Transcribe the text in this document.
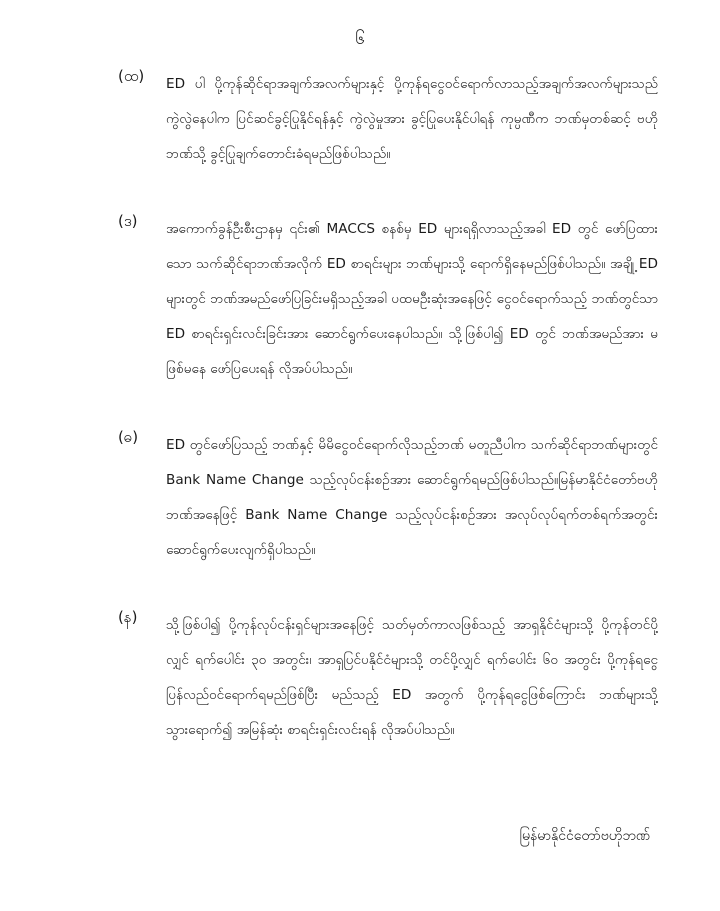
၆
(ထ) ED ပါ ပို့ကုန်ဆိုင်ရာအချက်အလက်များနှင့် ပို့ကုန်ရငွေဝင်ရောက်လာသည့်အချက်အလက်များသည် ကွဲလွဲနေပါက ပြင်ဆင်ခွင့်ပြုနိုင်ရန်နှင့် ကွဲလွဲမှုအား ခွင့်ပြုပေးနိုင်ပါရန် ကုမ္ပဏီက ဘဏ်မှတစ်ဆင့် ဗဟိုဘဏ်သို့ ခွင့်ပြုချက်တောင်းခံရမည်ဖြစ်ပါသည်။

(ဒ) အကောက်ခွန်ဦးစီးဌာနမှ ၎င်း၏ MACCS စနစ်မှ ED များရရှိလာသည့်အခါ ED တွင် ဖော်ပြထားသော သက်ဆိုင်ရာဘဏ်အလိုက် ED စာရင်းများ ဘဏ်များသို့ ရောက်ရှိနေမည်ဖြစ်ပါသည်။ အချို့ ED များတွင် ဘဏ်အမည်ဖော်ပြခြင်းမရှိသည့်အခါ ပထမဦးဆုံးအနေဖြင့် ငွေဝင်ရောက်သည့် ဘဏ်တွင်သာ ED စာရင်းရှင်းလင်းခြင်းအား ဆောင်ရွက်ပေးနေပါသည်။ သို့ဖြစ်ပါ၍ ED တွင် ဘဏ်အမည်အား မဖြစ်မနေ ဖော်ပြပေးရန် လိုအပ်ပါသည်။

(ဓ) ED တွင်ဖော်ပြသည့် ဘဏ်နှင့် မိမိငွေဝင်ရောက်လိုသည့်ဘဏ် မတူညီပါက သက်ဆိုင်ရာဘဏ်များတွင် Bank Name Change သည့်လုပ်ငန်းစဉ်အား ဆောင်ရွက်ရမည်ဖြစ်ပါသည်။မြန်မာနိုင်ငံတော်ဗဟိုဘဏ်အနေဖြင့် Bank Name Change သည့်လုပ်ငန်းစဉ်အား အလုပ်လုပ်ရက်တစ်ရက်အတွင်း ဆောင်ရွက်ပေးလျက်ရှိပါသည်။

(န) သို့ဖြစ်ပါ၍ ပို့ကုန်လုပ်ငန်းရှင်များအနေဖြင့် သတ်မှတ်ကာလဖြစ်သည့် အာရှနိုင်ငံများသို့ ပို့ကုန်တင်ပို့လျှင် ရက်ပေါင်း ၃၀ အတွင်း၊ အာရှပြင်ပနိုင်ငံများသို့ တင်ပို့လျှင် ရက်ပေါင်း ၆၀ အတွင်း ပို့ကုန်ရငွေ ပြန်လည်ဝင်ရောက်ရမည်ဖြစ်ပြီး မည်သည့် ED အတွက် ပို့ကုန်ရငွေဖြစ်ကြောင်း ဘဏ်များသို့ သွားရောက်၍ အမြန်ဆုံး စာရင်းရှင်းလင်းရန် လိုအပ်ပါသည်။

မြန်မာနိုင်ငံတော်ဗဟိုဘဏ်
